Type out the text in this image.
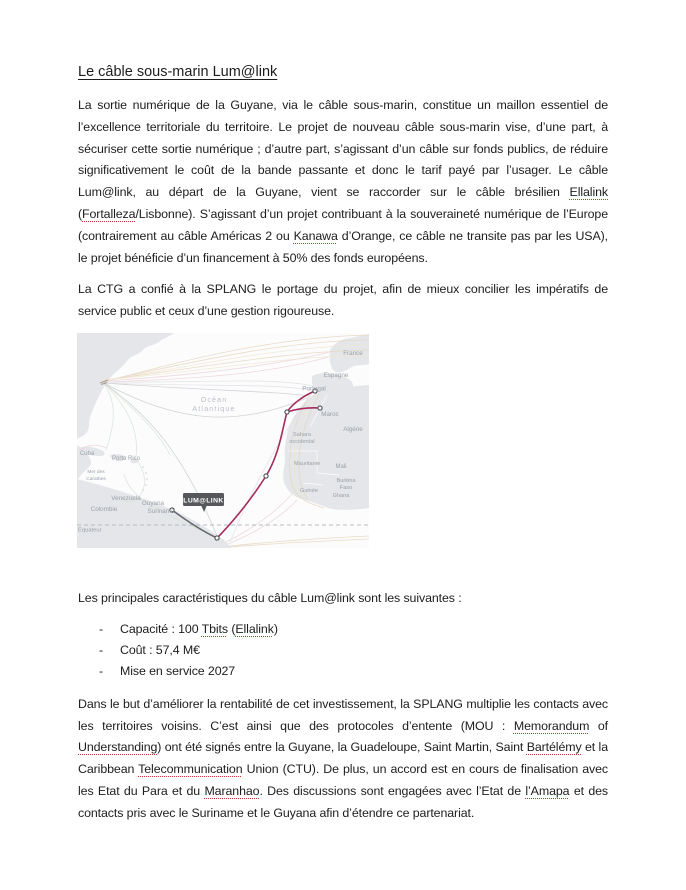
Le câble sous-marin Lum@link

La sortie numérique de la Guyane, via le câble sous-marin, constitue un maillon essentiel de l’excellence territoriale du territoire. Le projet de nouveau câble sous-marin vise, d’une part, à sécuriser cette sortie numérique ; d’autre part, s’agissant d’un câble sur fonds publics, de réduire significativement le coût de la bande passante et donc le tarif payé par l’usager. Le câble Lum@link, au départ de la Guyane, vient se raccorder sur le câble brésilien Ellalink (Fortalleza/Lisbonne). S’agissant d’un projet contribuant à la souveraineté numérique de l’Europe (contrairement au câble Américas 2 ou Kanawa d’Orange, ce câble ne transite pas par les USA), le projet bénéficie d’un financement à 50% des fonds européens.

La CTG a confié à la SPLANG le portage du projet, afin de mieux concilier les impératifs de service public et ceux d’une gestion rigoureuse.

Équateur
Océan
Atlantique
France
Espagne
Portugal
Maroc
Algérie
Sahara
occidental
Mauritanie	Mali
Burkina
Faso
Guinée
Ghana
Cuba
Porto Rico
Mer des
Caraïbes
Venezuela
Guyana
Suriname
Colombie
LUM@LINK

Les principales caractéristiques du câble Lum@link sont les suivantes :

-	Capacité : 100 Tbits (Ellalink)
-	Coût : 57,4 M€
-	Mise en service 2027

Dans le but d’améliorer la rentabilité de cet investissement, la SPLANG multiplie les contacts avec les territoires voisins. C’est ainsi que des protocoles d’entente (MOU : Memorandum of Understanding) ont été signés entre la Guyane, la Guadeloupe, Saint Martin, Saint Bartélémy et la Caribbean Telecommunication Union (CTU). De plus, un accord est en cours de finalisation avec les Etat du Para et du Maranhao. Des discussions sont engagées avec l’Etat de l’Amapa et des contacts pris avec le Suriname et le Guyana afin d’étendre ce partenariat.
